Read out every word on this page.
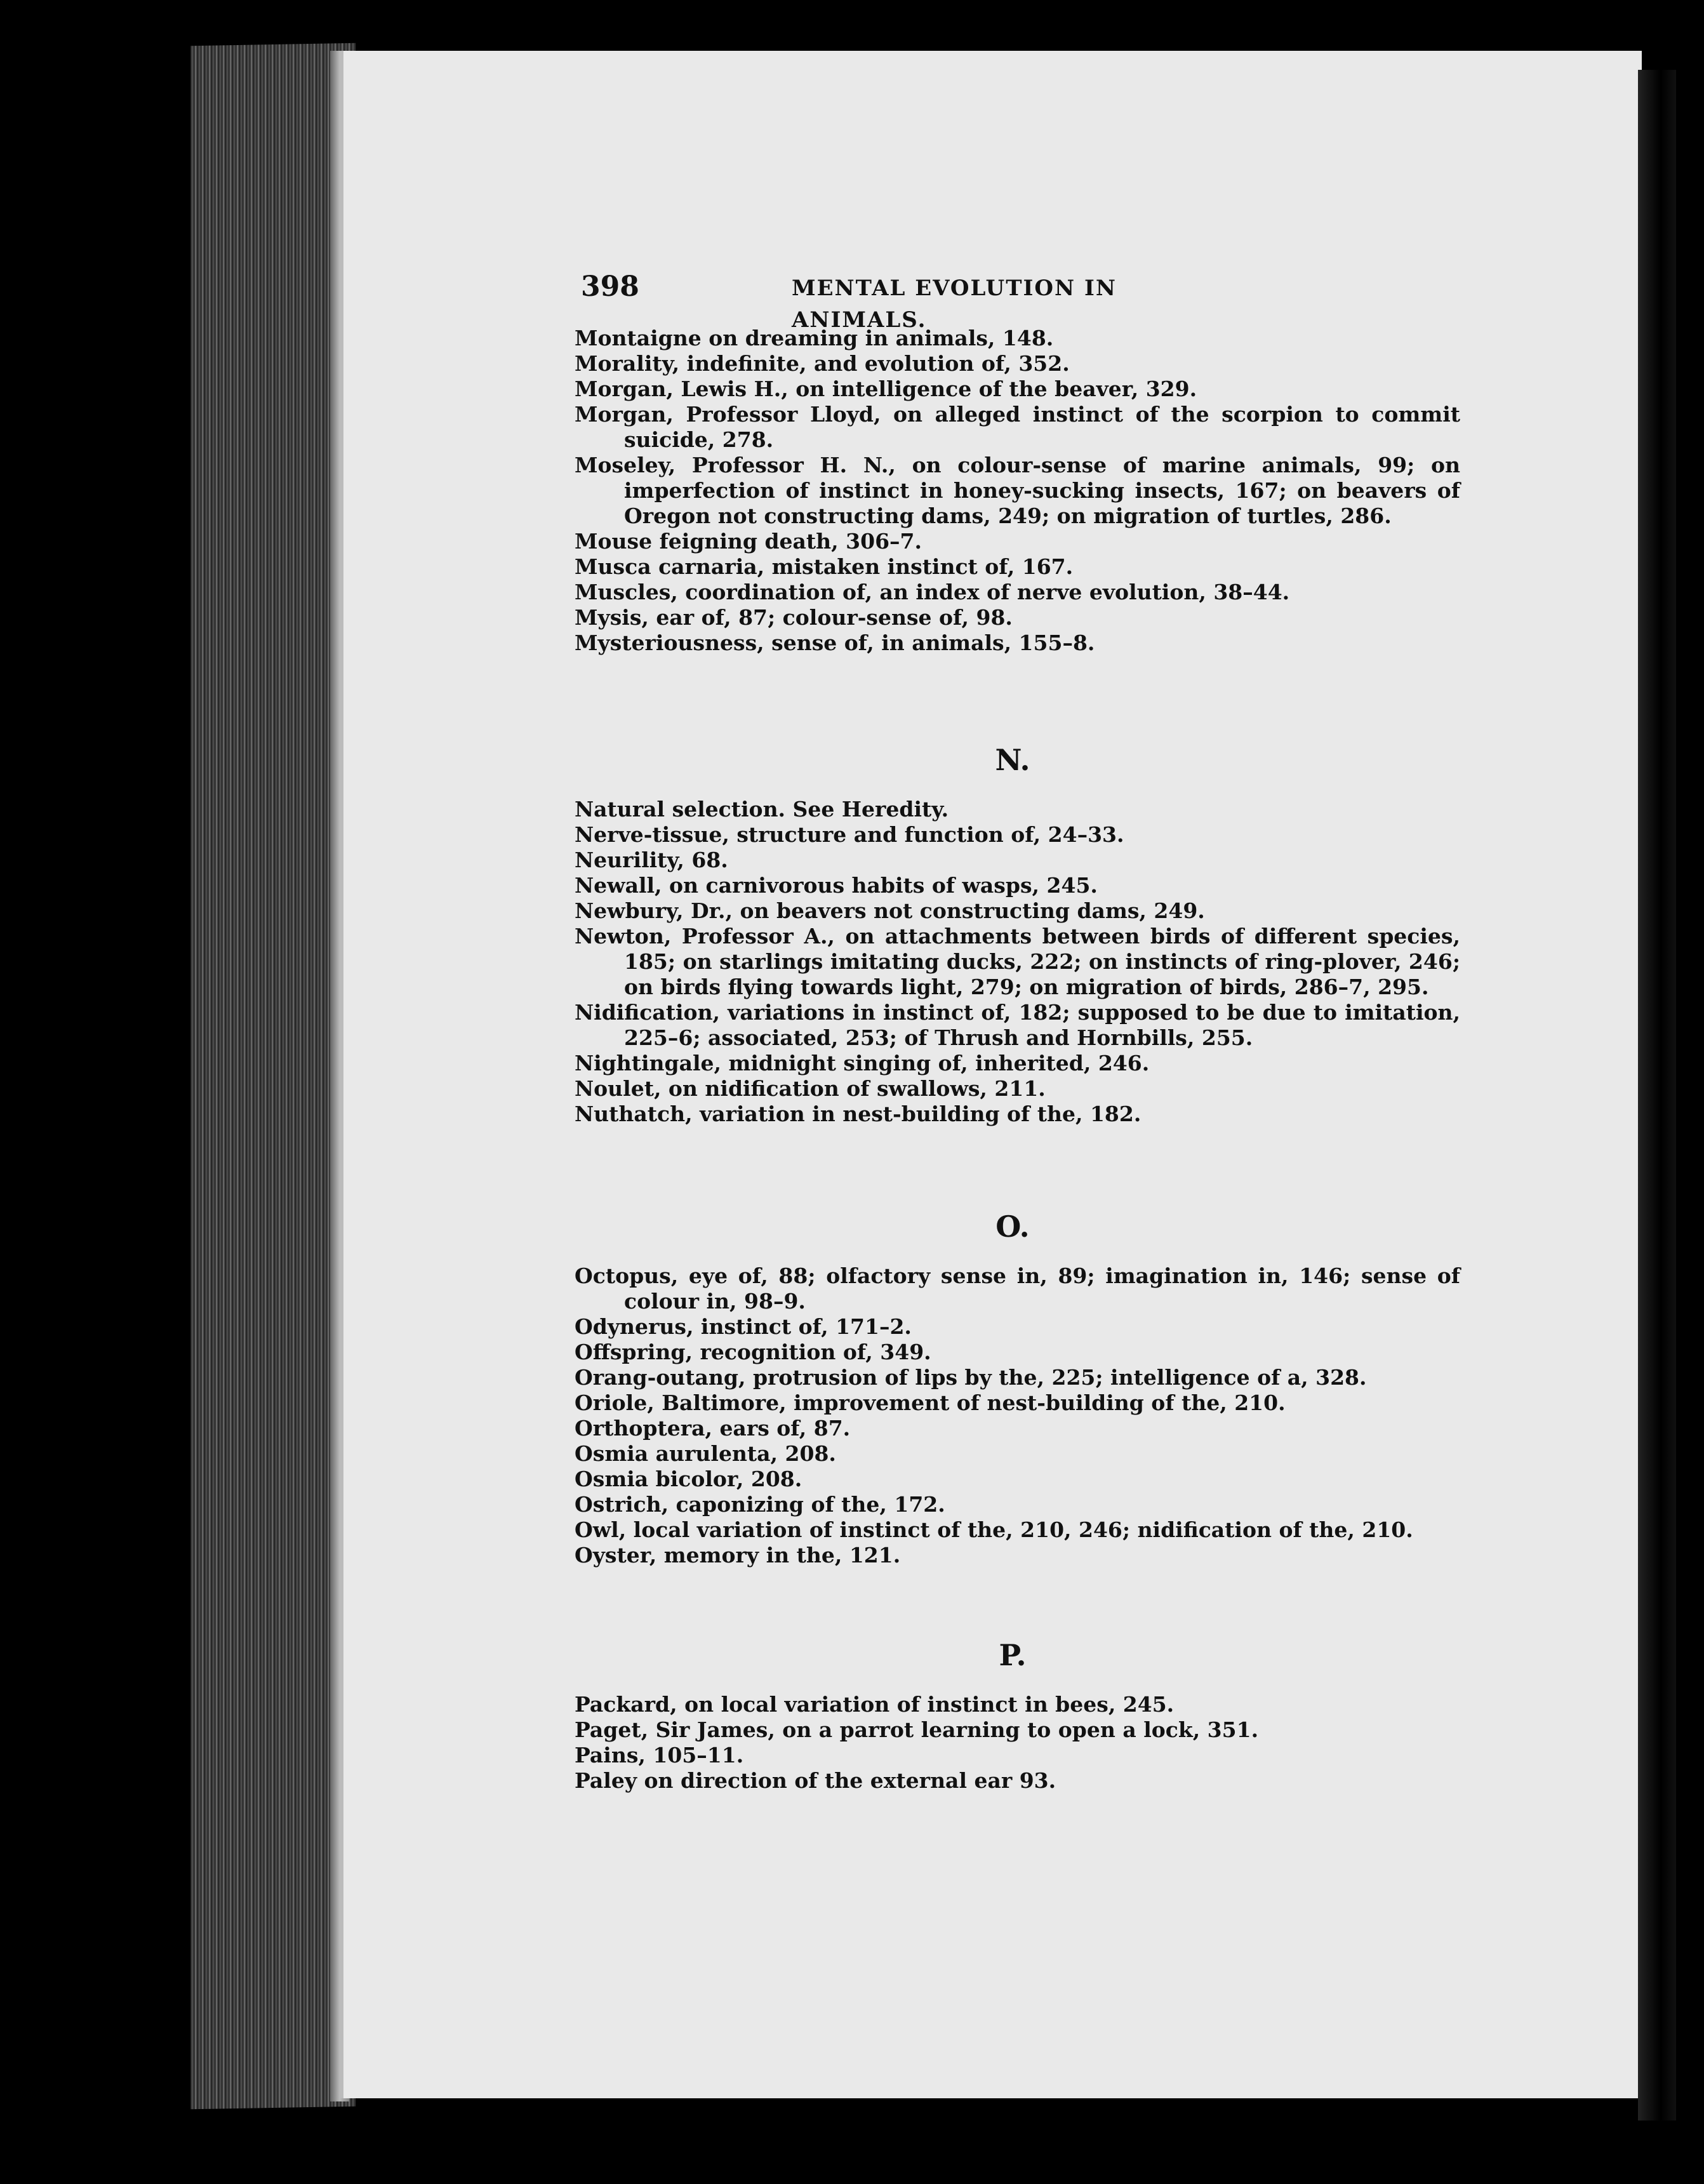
398	MENTAL EVOLUTION IN ANIMALS.
Montaigne on dreaming in animals, 148.
Morality, indefinite, and evolution of, 352.
Morgan, Lewis H., on intelligence of the beaver, 329.
Morgan, Professor Lloyd, on alleged instinct of the scorpion to commit suicide, 278.
Moseley, Professor H. N., on colour-sense of marine animals, 99; on imperfection of instinct in honey-sucking insects, 167; on beavers of Oregon not constructing dams, 249; on migration of turtles, 286.
Mouse feigning death, 306–7.
Musca carnaria, mistaken instinct of, 167.
Muscles, coordination of, an index of nerve evolution, 38–44.
Mysis, ear of, 87; colour-sense of, 98.
Mysteriousness, sense of, in animals, 155–8.
N.
Natural selection. See Heredity.
Nerve-tissue, structure and function of, 24–33.
Neurility, 68.
Newall, on carnivorous habits of wasps, 245.
Newbury, Dr., on beavers not constructing dams, 249.
Newton, Professor A., on attachments between birds of different species, 185; on starlings imitating ducks, 222; on instincts of ring-plover, 246; on birds flying towards light, 279; on migration of birds, 286–7, 295.
Nidification, variations in instinct of, 182; supposed to be due to imitation, 225–6; associated, 253; of Thrush and Hornbills, 255.
Nightingale, midnight singing of, inherited, 246.
Noulet, on nidification of swallows, 211.
Nuthatch, variation in nest-building of the, 182.
O.
Octopus, eye of, 88; olfactory sense in, 89; imagination in, 146; sense of colour in, 98–9.
Odynerus, instinct of, 171–2.
Offspring, recognition of, 349.
Orang-outang, protrusion of lips by the, 225; intelligence of a, 328.
Oriole, Baltimore, improvement of nest-building of the, 210.
Orthoptera, ears of, 87.
Osmia aurulenta, 208.
Osmia bicolor, 208.
Ostrich, caponizing of the, 172.
Owl, local variation of instinct of the, 210, 246; nidification of the, 210.
Oyster, memory in the, 121.
P.
Packard, on local variation of instinct in bees, 245.
Paget, Sir James, on a parrot learning to open a lock, 351.
Pains, 105–11.
Paley on direction of the external ear 93.
